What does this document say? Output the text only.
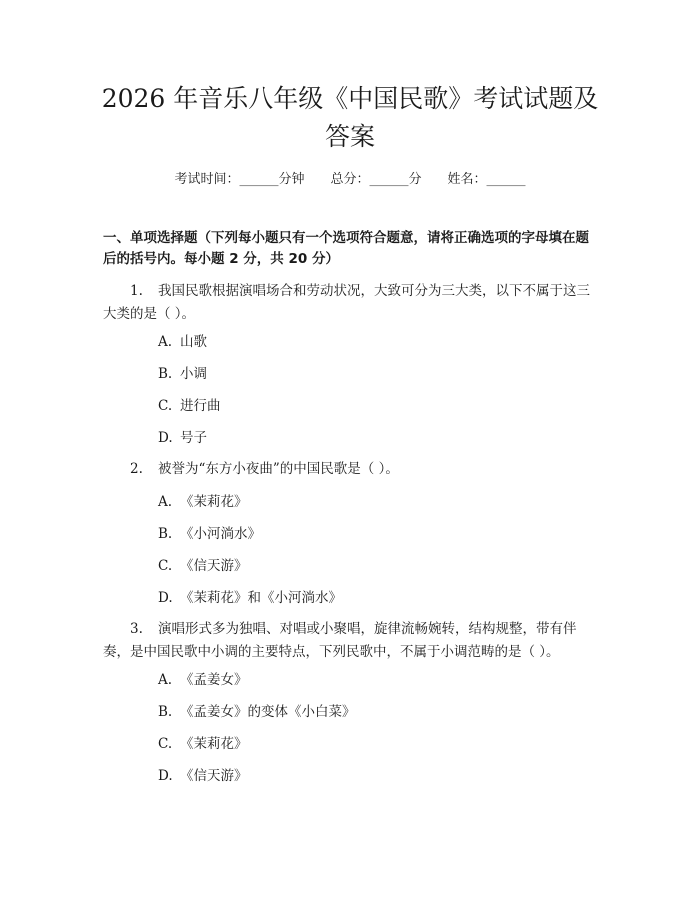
2026 年音乐八年级《中国民歌》考试试题及答案
考试时间：______分钟　　总分：______分　　姓名：______

一、单项选择题（下列每小题只有一个选项符合题意，请将正确选项的字母填在题后的括号内。每小题 2 分，共 20 分）

1. 我国民歌根据演唱场合和劳动状况，大致可分为三大类，以下不属于这三大类的是（ ）。

A. 山歌
B. 小调
C. 进行曲
D. 号子

2. 被誉为“东方小夜曲”的中国民歌是（ ）。

A. 《茉莉花》
B. 《小河淌水》
C. 《信天游》
D. 《茉莉花》和《小河淌水》

3. 演唱形式多为独唱、对唱或小聚唱，旋律流畅婉转，结构规整，带有伴奏，是中国民歌中小调的主要特点，下列民歌中，不属于小调范畴的是（ ）。

A. 《孟姜女》
B. 《孟姜女》的变体《小白菜》
C. 《茉莉花》
D. 《信天游》
